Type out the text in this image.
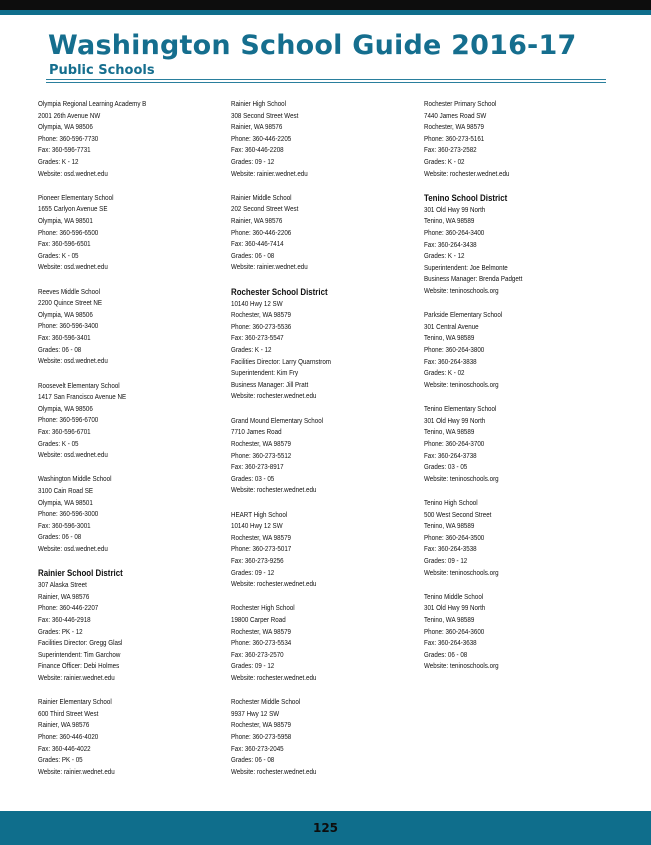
Washington School Guide 2016-17
Public Schools
Olympia Regional Learning Academy B
2001 26th Avenue NW
Olympia, WA 98506
Phone: 360-596-7730
Fax: 360-596-7731
Grades: K - 12
Website: osd.wednet.edu
Pioneer Elementary School
1655 Carlyon Avenue SE
Olympia, WA 98501
Phone: 360-596-6500
Fax: 360-596-6501
Grades: K - 05
Website: osd.wednet.edu
Reeves Middle School
2200 Quince Street NE
Olympia, WA 98506
Phone: 360-596-3400
Fax: 360-596-3401
Grades: 06 - 08
Website: osd.wednet.edu
Roosevelt Elementary School
1417 San Francisco Avenue NE
Olympia, WA 98506
Phone: 360-596-6700
Fax: 360-596-6701
Grades: K - 05
Website: osd.wednet.edu
Washington Middle School
3100 Cain Road SE
Olympia, WA 98501
Phone: 360-596-3000
Fax: 360-596-3001
Grades: 06 - 08
Website: osd.wednet.edu
Rainier School District
307 Alaska Street
Rainier, WA 98576
Phone: 360-446-2207
Fax: 360-446-2918
Grades: PK - 12
Facilities Director: Gregg Glasl
Superintendent: Tim Garchow
Finance Officer: Debi Holmes
Website: rainier.wednet.edu
Rainier Elementary School
600 Third Street West
Rainier, WA 98576
Phone: 360-446-4020
Fax: 360-446-4022
Grades: PK - 05
Website: rainier.wednet.edu
Rainier High School
308 Second Street West
Rainier, WA 98576
Phone: 360-446-2205
Fax: 360-446-2208
Grades: 09 - 12
Website: rainier.wednet.edu
Rainier Middle School
202 Second Street West
Rainier, WA 98576
Phone: 360-446-2206
Fax: 360-446-7414
Grades: 06 - 08
Website: rainier.wednet.edu
Rochester School District
10140 Hwy 12 SW
Rochester, WA 98579
Phone: 360-273-5536
Fax: 360-273-5547
Grades: K - 12
Facilities Director: Larry Quarnstrom
Superintendent: Kim Fry
Business Manager: Jill Pratt
Website: rochester.wednet.edu
Grand Mound Elementary School
7710 James Road
Rochester, WA 98579
Phone: 360-273-5512
Fax: 360-273-8917
Grades: 03 - 05
Website: rochester.wednet.edu
HEART High School
10140 Hwy 12 SW
Rochester, WA 98579
Phone: 360-273-5017
Fax: 360-273-9256
Grades: 09 - 12
Website: rochester.wednet.edu
Rochester High School
19800 Carper Road
Rochester, WA 98579
Phone: 360-273-5534
Fax: 360-273-2570
Grades: 09 - 12
Website: rochester.wednet.edu
Rochester Middle School
9937 Hwy 12 SW
Rochester, WA 98579
Phone: 360-273-5958
Fax: 360-273-2045
Grades: 06 - 08
Website: rochester.wednet.edu
Rochester Primary School
7440 James Road SW
Rochester, WA 98579
Phone: 360-273-5161
Fax: 360-273-2582
Grades: K - 02
Website: rochester.wednet.edu
Tenino School District
301 Old Hwy 99 North
Tenino, WA 98589
Phone: 360-264-3400
Fax: 360-264-3438
Grades: K - 12
Superintendent: Joe Belmonte
Business Manager: Brenda Padgett
Website: teninoschools.org
Parkside Elementary School
301 Central Avenue
Tenino, WA 98589
Phone: 360-264-3800
Fax: 360-264-3838
Grades: K - 02
Website: teninoschools.org
Tenino Elementary School
301 Old Hwy 99 North
Tenino, WA 98589
Phone: 360-264-3700
Fax: 360-264-3738
Grades: 03 - 05
Website: teninoschools.org
Tenino High School
500 West Second Street
Tenino, WA 98589
Phone: 360-264-3500
Fax: 360-264-3538
Grades: 09 - 12
Website: teninoschools.org
Tenino Middle School
301 Old Hwy 99 North
Tenino, WA 98589
Phone: 360-264-3600
Fax: 360-264-3638
Grades: 06 - 08
Website: teninoschools.org
125
